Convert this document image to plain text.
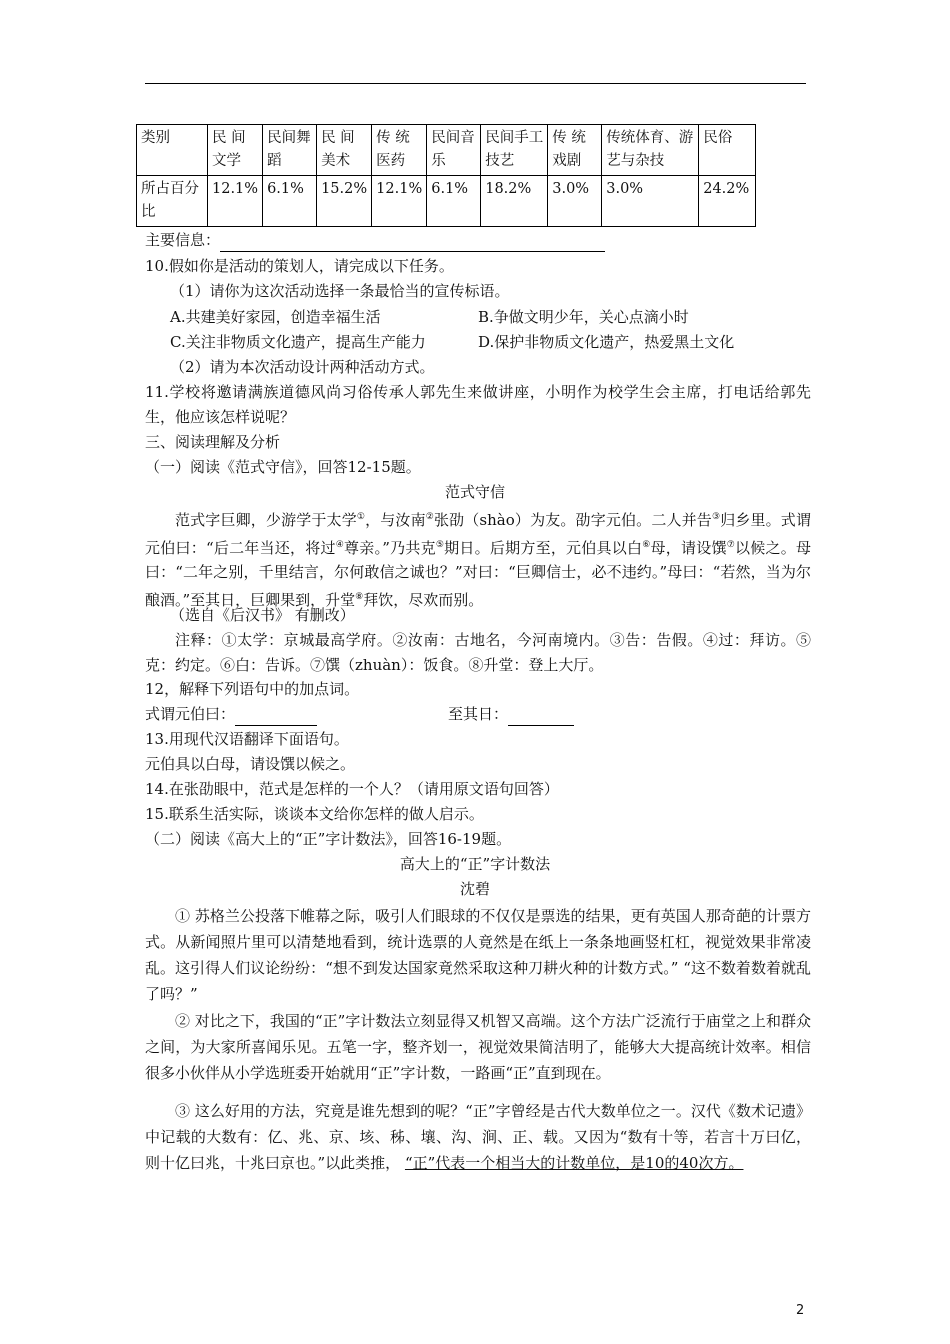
类别	民 间 文学	民间舞蹈	民 间 美术	传 统 医药	民间音乐	民间手工技艺	传 统 戏剧	传统体育、游艺与杂技	民俗
所占百分比	12.1%	6.1%	15.2%	12.1%	6.1%	18.2%	3.0%	3.0%	24.2%
主要信息：
10.假如你是活动的策划人，请完成以下任务。
（1）请你为这次活动选择一条最恰当的宣传标语。
A.共建美好家园，创造幸福生活	B.争做文明少年，关心点滴小时
C.关注非物质文化遗产，提高生产能力	D.保护非物质文化遗产，热爱黑土文化
（2）请为本次活动设计两种活动方式。
11.学校将邀请满族道德风尚习俗传承人郭先生来做讲座，小明作为校学生会主席，打电话给郭先生，他应该怎样说呢？
三、阅读理解及分析
（一）阅读《范式守信》，回答12-15题。
范式守信
范式字巨卿，少游学于太学①，与汝南②张劭（shào）为友。劭字元伯。二人并告③归乡里。式谓元伯曰：“后二年当还，将过④尊亲。”乃共克⑤期日。后期方至，元伯具以白⑥母，请设馔⑦以候之。母曰：“二年之别，千里结言，尔何敢信之诚也？”对曰：“巨卿信士，必不违约。”母曰：“若然，当为尔酿酒。”至其日，巨卿果到，升堂⑧拜饮，尽欢而别。
（选自《后汉书》 有删改）
注释：①太学：京城最高学府。②汝南：古地名，今河南境内。③告：告假。④过：拜访。⑤克：约定。⑥白：告诉。⑦馔（zhuàn）：饭食。⑧升堂：登上大厅。
12，解释下列语句中的加点词。
式谓元伯曰：	至其日：
13.用现代汉语翻译下面语句。
元伯具以白母，请设馔以候之。
14.在张劭眼中，范式是怎样的一个人？（请用原文语句回答）
15.联系生活实际，谈谈本文给你怎样的做人启示。
（二）阅读《高大上的“正”字计数法》，回答16-19题。
高大上的“正”字计数法
沈碧
① 苏格兰公投落下帷幕之际，吸引人们眼球的不仅仅是票选的结果，更有英国人那奇葩的计票方式。从新闻照片里可以清楚地看到，统计选票的人竟然是在纸上一条条地画竖杠杠，视觉效果非常凌乱。这引得人们议论纷纷：“想不到发达国家竟然采取这种刀耕火种的计数方式。” “这不数着数着就乱了吗？”
② 对比之下，我国的“正”字计数法立刻显得又机智又高端。这个方法广泛流行于庙堂之上和群众之间，为大家所喜闻乐见。五笔一字，整齐划一，视觉效果简洁明了，能够大大提高统计效率。相信很多小伙伴从小学选班委开始就用“正”字计数，一路画“正”直到现在。
③ 这么好用的方法，究竟是谁先想到的呢？“正”字曾经是古代大数单位之一。汉代《数术记遗》中记载的大数有：亿、兆、京、垓、秭、壤、沟、涧、正、载。又因为“数有十等，若言十万曰亿，则十亿曰兆，十兆曰京也。”以此类推， “正”代表一个相当大的计数单位，是10的40次方。
2
